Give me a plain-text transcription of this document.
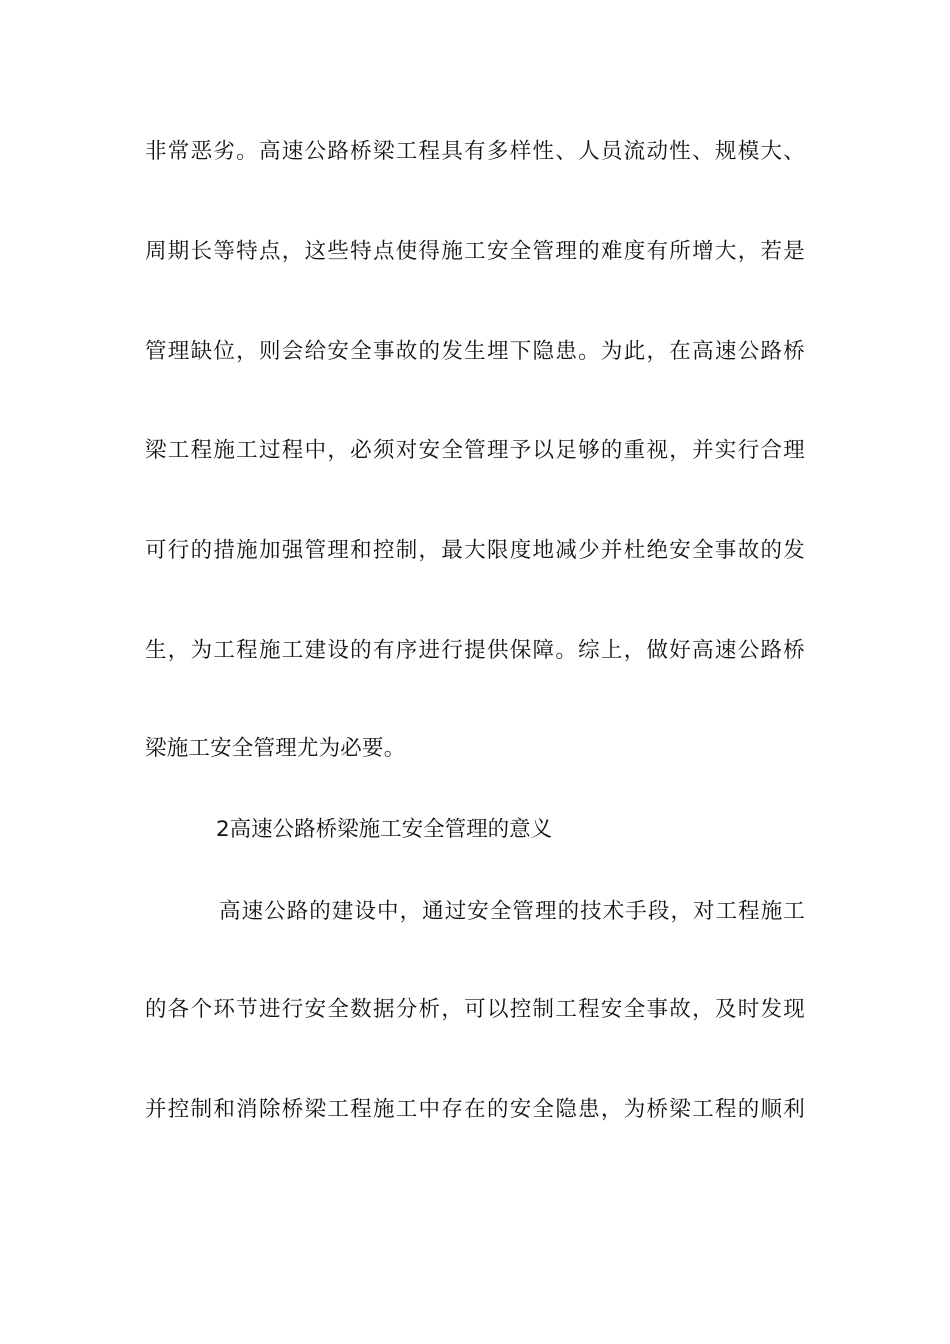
非常恶劣。高速公路桥梁工程具有多样性、人员流动性、规模大、
周期长等特点，这些特点使得施工安全管理的难度有所增大，若是
管理缺位，则会给安全事故的发生埋下隐患。为此，在高速公路桥
梁工程施工过程中，必须对安全管理予以足够的重视，并实行合理
可行的措施加强管理和控制，最大限度地减少并杜绝安全事故的发
生，为工程施工建设的有序进行提供保障。综上，做好高速公路桥
梁施工安全管理尤为必要。
2高速公路桥梁施工安全管理的意义
高速公路的建设中，通过安全管理的技术手段，对工程施工
的各个环节进行安全数据分析，可以控制工程安全事故，及时发现
并控制和消除桥梁工程施工中存在的安全隐患，为桥梁工程的顺利
